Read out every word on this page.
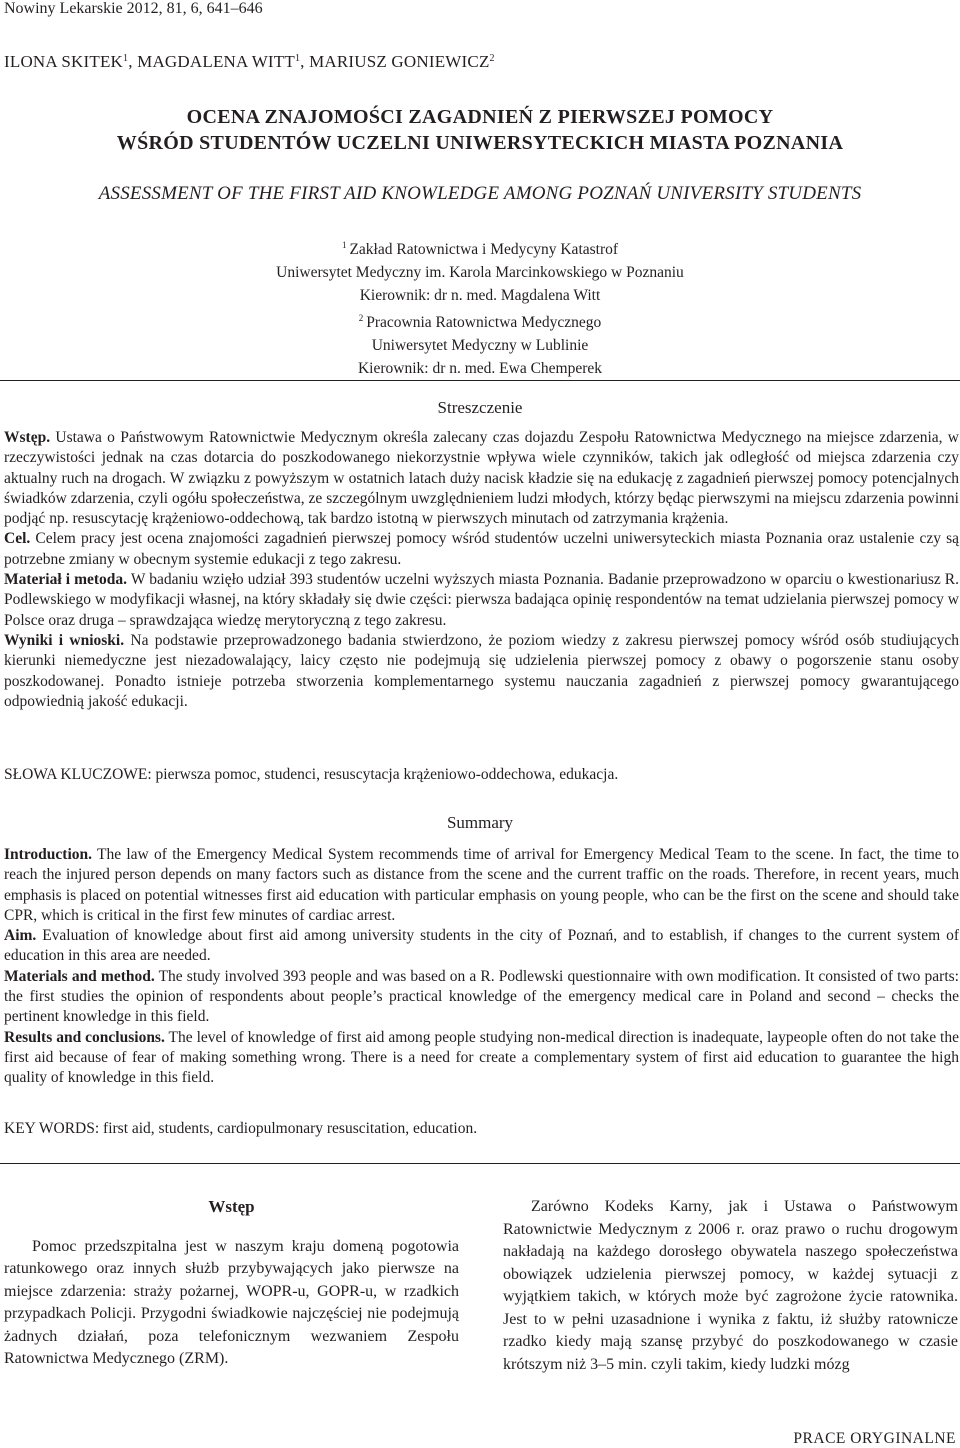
Nowiny Lekarskie 2012, 81, 6, 641–646
ILONA SKITEK$^1$, MAGDALENA WITT$^1$, MARIUSZ GONIEWICZ$^2$
OCENA ZNAJOMOŚCI ZAGADNIEŃ Z PIERWSZEJ POMOCY
WŚRÓD STUDENTÓW UCZELNI UNIWERSYTECKICH MIASTA POZNANIA
ASSESSMENT OF THE FIRST AID KNOWLEDGE AMONG POZNAŃ UNIVERSITY STUDENTS
$^1$ Zakład Ratownictwa i Medycyny Katastrof
Uniwersytet Medyczny im. Karola Marcinkowskiego w Poznaniu
Kierownik: dr n. med. Magdalena Witt
$^2$ Pracownia Ratownictwa Medycznego
Uniwersytet Medyczny w Lublinie
Kierownik: dr n. med. Ewa Chemperek
Streszczenie

Wstęp. Ustawa o Państwowym Ratownictwie Medycznym określa zalecany czas dojazdu Zespołu Ratownictwa Medycznego na miejsce zdarzenia, w rzeczywistości jednak na czas dotarcia do poszkodowanego niekorzystnie wpływa wiele czynników, takich jak odległość od miejsca zdarzenia czy aktualny ruch na drogach. W związku z powyższym w ostatnich latach duży nacisk kładzie się na edukację z zagadnień pierwszej pomocy potencjalnych świadków zdarzenia, czyli ogółu społeczeństwa, ze szczególnym uwzględnieniem ludzi młodych, którzy będąc pierwszymi na miejscu zdarzenia powinni podjąć np. resuscytację krążeniowo-oddechową, tak bardzo istotną w pierwszych minutach od zatrzymania krążenia.

Cel. Celem pracy jest ocena znajomości zagadnień pierwszej pomocy wśród studentów uczelni uniwersyteckich miasta Poznania oraz ustalenie czy są potrzebne zmiany w obecnym systemie edukacji z tego zakresu.

Materiał i metoda. W badaniu wzięło udział 393 studentów uczelni wyższych miasta Poznania. Badanie przeprowadzono w oparciu o kwestionariusz R. Podlewskiego w modyfikacji własnej, na który składały się dwie części: pierwsza badająca opinię respondentów na temat udzielania pierwszej pomocy w Polsce oraz druga – sprawdzająca wiedzę merytoryczną z tego zakresu.

Wyniki i wnioski. Na podstawie przeprowadzonego badania stwierdzono, że poziom wiedzy z zakresu pierwszej pomocy wśród osób studiujących kierunki niemedyczne jest niezadowalający, laicy często nie podejmują się udzielenia pierwszej pomocy z obawy o pogorszenie stanu osoby poszkodowanej. Ponadto istnieje potrzeba stworzenia komplementarnego systemu nauczania zagadnień z pierwszej pomocy gwarantującego odpowiednią jakość edukacji.

SŁOWA KLUCZOWE: pierwsza pomoc, studenci, resuscytacja krążeniowo-oddechowa, edukacja.
Summary

Introduction. The law of the Emergency Medical System recommends time of arrival for Emergency Medical Team to the scene. In fact, the time to reach the injured person depends on many factors such as distance from the scene and the current traffic on the roads. Therefore, in recent years, much emphasis is placed on potential witnesses first aid education with particular emphasis on young people, who can be the first on the scene and should take CPR, which is critical in the first few minutes of cardiac arrest.

Aim. Evaluation of knowledge about first aid among university students in the city of Poznań, and to establish, if changes to the current system of education in this area are needed.

Materials and method. The study involved 393 people and was based on a R. Podlewski questionnaire with own modification. It consisted of two parts: the first studies the opinion of respondents about people’s practical knowledge of the emergency medical care in Poland and second – checks the pertinent knowledge in this field.

Results and conclusions. The level of knowledge of first aid among people studying non-medical direction is inadequate, laypeople often do not take the first aid because of fear of making something wrong. There is a need for create a complementary system of first aid education to guarantee the high quality of knowledge in this field.

KEY WORDS: first aid, students, cardiopulmonary resuscitation, education.
Wstęp

Pomoc przedszpitalna jest w naszym kraju domeną pogotowia ratunkowego oraz innych służb przybywających jako pierwsze na miejsce zdarzenia: straży pożarnej, WOPR-u, GOPR-u, w rzadkich przypadkach Policji. Przygodni świadkowie najczęściej nie podejmują żadnych działań, poza telefonicznym wezwaniem Zespołu Ratownictwa Medycznego (ZRM).

Zarówno Kodeks Karny, jak i Ustawa o Państwowym Ratownictwie Medycznym z 2006 r. oraz prawo o ruchu drogowym nakładają na każdego dorosłego obywatela naszego społeczeństwa obowiązek udzielenia pierwszej pomocy, w każdej sytuacji z wyjątkiem takich, w których może być zagrożone życie ratownika. Jest to w pełni uzasadnione i wynika z faktu, iż służby ratownicze rzadko kiedy mają szansę przybyć do poszkodowanego w czasie krótszym niż 3–5 min. czyli takim, kiedy ludzki mózg

PRACE ORYGINALNE
